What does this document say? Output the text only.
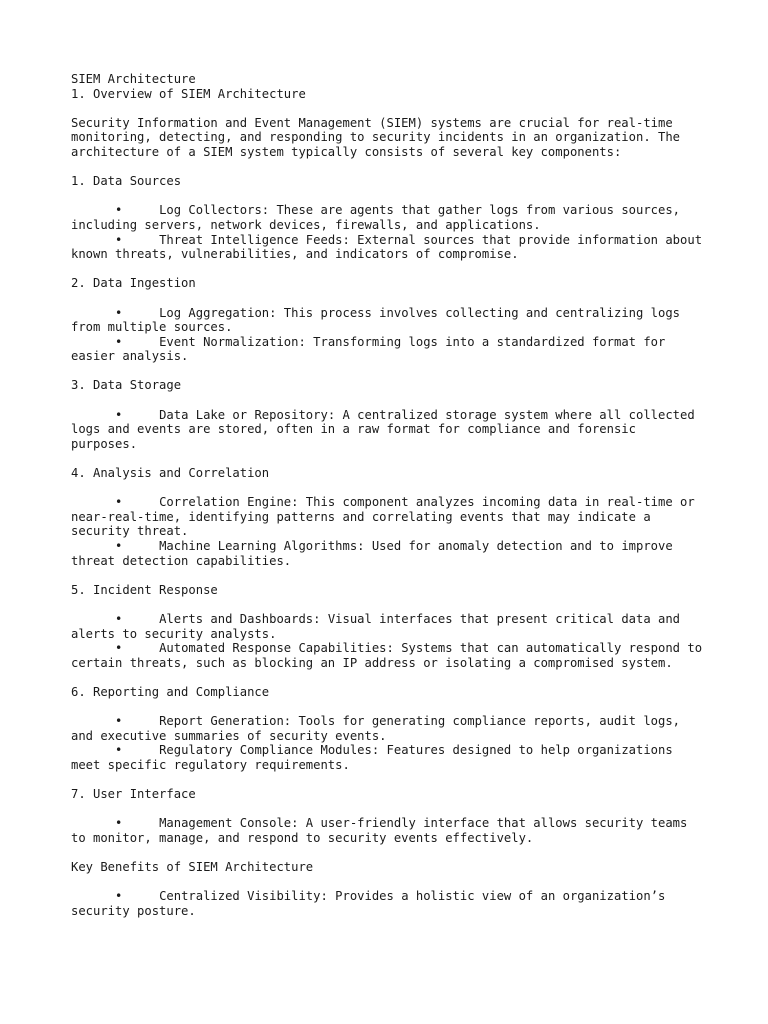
SIEM Architecture

1. Overview of SIEM Architecture

Security Information and Event Management (SIEM) systems are crucial for real-time monitoring, detecting, and responding to security incidents in an organization. The architecture of a SIEM system typically consists of several key components:

1. Data Sources

•	Log Collectors: These are agents that gather logs from various sources, including servers, network devices, firewalls, and applications.

•	Threat Intelligence Feeds: External sources that provide information about known threats, vulnerabilities, and indicators of compromise.

2. Data Ingestion

•	Log Aggregation: This process involves collecting and centralizing logs from multiple sources.

•	Event Normalization: Transforming logs into a standardized format for easier analysis.

3. Data Storage

•	Data Lake or Repository: A centralized storage system where all collected logs and events are stored, often in a raw format for compliance and forensic purposes.

4. Analysis and Correlation

•	Correlation Engine: This component analyzes incoming data in real-time or near-real-time, identifying patterns and correlating events that may indicate a security threat.

•	Machine Learning Algorithms: Used for anomaly detection and to improve threat detection capabilities.

5. Incident Response

•	Alerts and Dashboards: Visual interfaces that present critical data and alerts to security analysts.

•	Automated Response Capabilities: Systems that can automatically respond to certain threats, such as blocking an IP address or isolating a compromised system.

6. Reporting and Compliance

•	Report Generation: Tools for generating compliance reports, audit logs, and executive summaries of security events.

•	Regulatory Compliance Modules: Features designed to help organizations meet specific regulatory requirements.

7. User Interface

•	Management Console: A user-friendly interface that allows security teams to monitor, manage, and respond to security events effectively.

Key Benefits of SIEM Architecture

•	Centralized Visibility: Provides a holistic view of an organization’s security posture.
